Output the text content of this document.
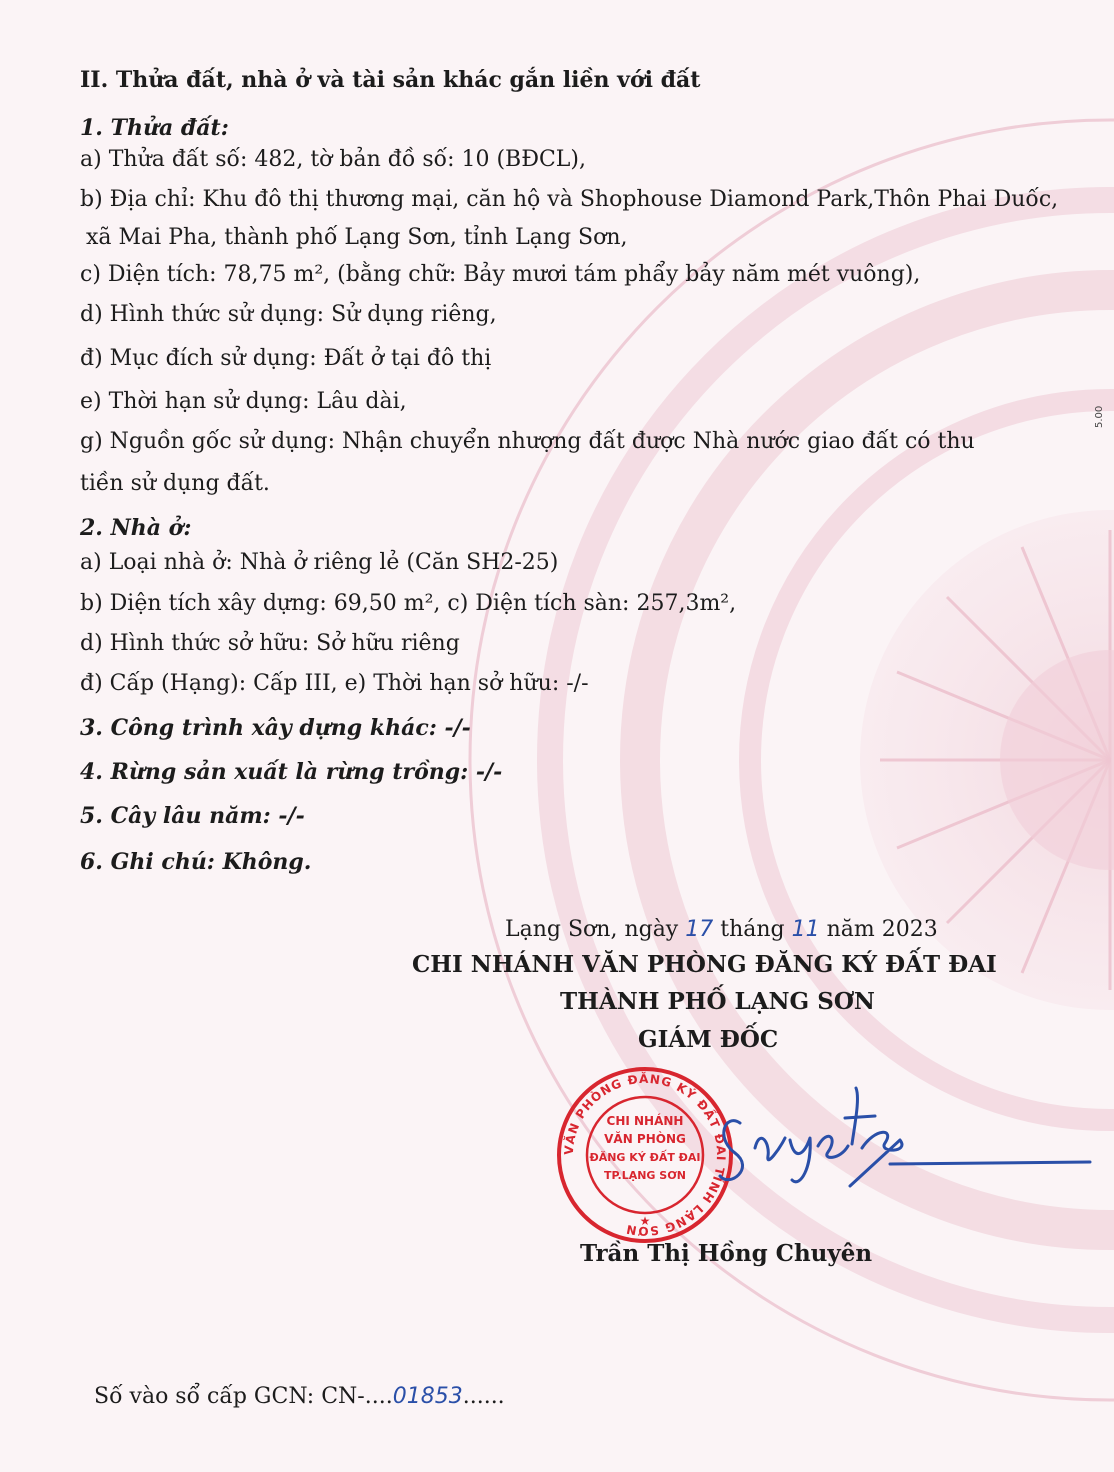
II. Thửa đất, nhà ở và tài sản khác gắn liền với đất
1. Thửa đất:
a) Thửa đất số: 482, tờ bản đồ số: 10 (BĐCL),
b) Địa chỉ: Khu đô thị thương mại, căn hộ và Shophouse Diamond Park,Thôn Phai Duốc,
xã Mai Pha, thành phố Lạng Sơn, tỉnh Lạng Sơn,
c) Diện tích: 78,75 m², (bằng chữ: Bảy mươi tám phẩy bảy năm mét vuông),
d) Hình thức sử dụng: Sử dụng riêng,
đ) Mục đích sử dụng: Đất ở tại đô thị
e) Thời hạn sử dụng: Lâu dài,
g) Nguồn gốc sử dụng: Nhận chuyển nhượng đất được Nhà nước giao đất có thu
tiền sử dụng đất.
2. Nhà ở:
a) Loại nhà ở: Nhà ở riêng lẻ (Căn SH2-25)
b) Diện tích xây dựng: 69,50 m², c) Diện tích sàn: 257,3m²,
d) Hình thức sở hữu: Sở hữu riêng
đ) Cấp (Hạng): Cấp III, e) Thời hạn sở hữu: -/-
3. Công trình xây dựng khác: -/-
4. Rừng sản xuất là rừng trồng: -/-
5. Cây lâu năm: -/-
6. Ghi chú: Không.
Lạng Sơn, ngày 17 tháng 11 năm 2023
CHI NHÁNH VĂN PHÒNG ĐĂNG KÝ ĐẤT ĐAI
THÀNH PHỐ LẠNG SƠN
GIÁM ĐỐC
VĂN PHÒNG ĐĂNG KÝ ĐẤT ĐAI TỈNH LẠNG SƠN
CHI NHÁNH
VĂN PHÒNG
ĐĂNG KÝ ĐẤT ĐAI
TP.LẠNG SƠN
★
Trần Thị Hồng Chuyên
Số vào sổ cấp GCN: CN-....01853......
5.00
